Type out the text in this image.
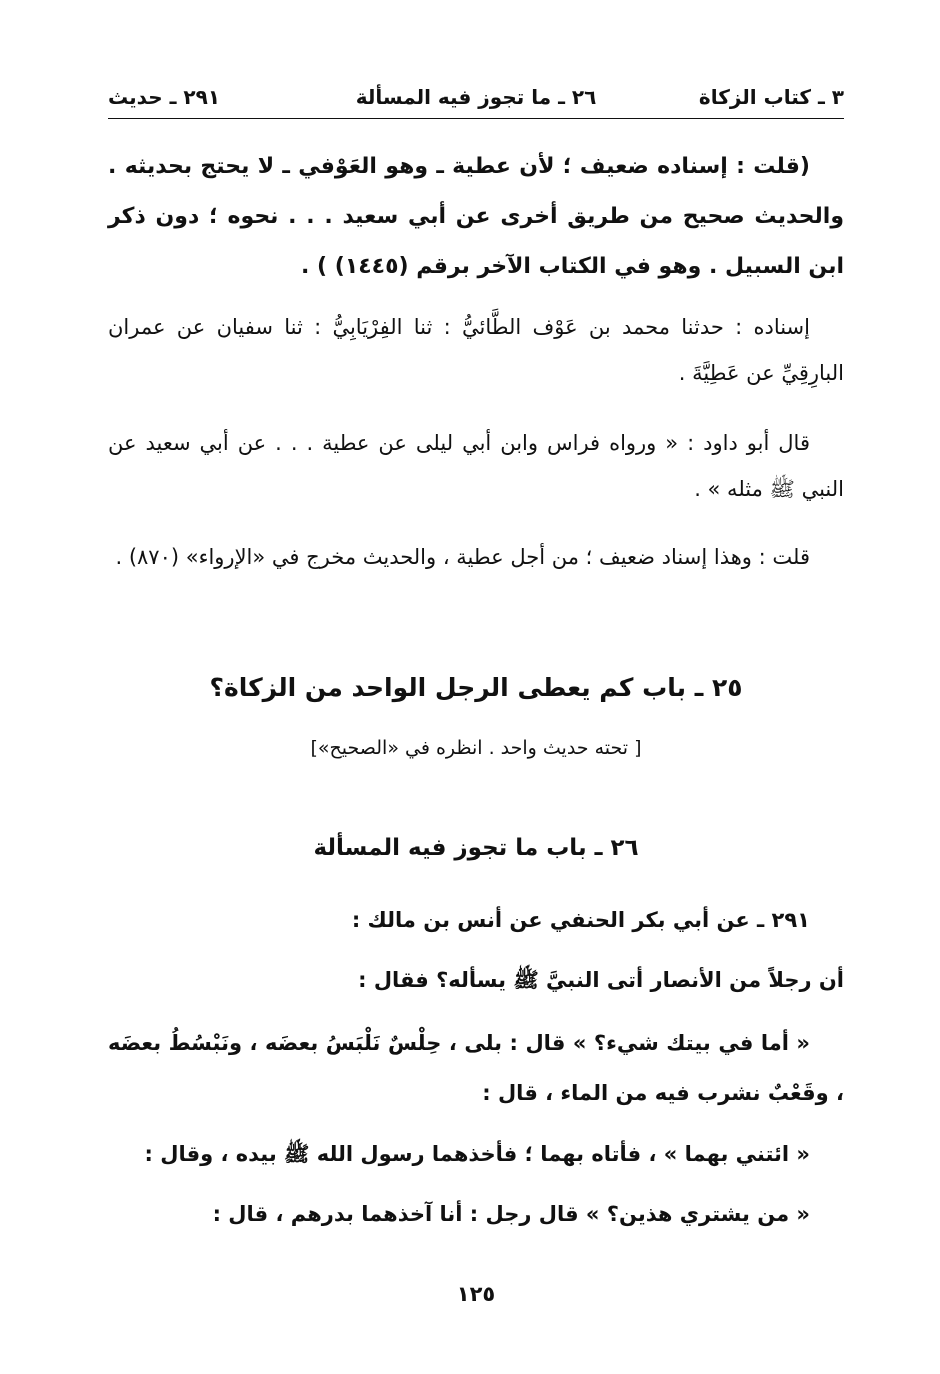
٣ ـ كتاب الزكاة
٢٦ ـ ما تجوز فيه المسألة
٢٩١ ـ حديث
(قلت : إسناده ضعيف ؛ لأن عطية ـ وهو العَوْفي ـ لا يحتج بحديثه . والحديث صحيح من طريق أخرى عن أبي سعيد . . . نحوه ؛ دون ذكر ابن السبيل . وهو في الكتاب الآخر برقم (١٤٤٥) ) .
إسناده : حدثنا محمد بن عَوْف الطَّائيُّ : ثنا الفِرْيَابِيُّ : ثنا سفيان عن عمران البارِقِيِّ عن عَطِيَّةَ .
قال أبو داود : « ورواه فراس وابن أبي ليلى عن عطية . . . عن أبي سعيد عن النبي ﷺ مثله » .
قلت : وهذا إسناد ضعيف ؛ من أجل عطية ، والحديث مخرج في «الإرواء» (٨٧٠) .
٢٥ ـ باب كم يعطى الرجل الواحد من الزكاة؟
[ تحته حديث واحد . انظره في «الصحيح»]
٢٦ ـ باب ما تجوز فيه المسألة
٢٩١ ـ عن أبي بكر الحنفي عن أنس بن مالك :
أن رجلاً من الأنصار أتى النبيَّ ﷺ يسأله؟ فقال :
« أما في بيتك شيء؟ » قال : بلى ، حِلْسٌ نَلْبَسُ بعضَه ، ونَبْسُطُ بعضَه ، وقَعْبٌ نشرب فيه من الماء ، قال :
« ائتني بهما » ، فأتاه بهما ؛ فأخذهما رسول الله ﷺ بيده ، وقال :
« من يشتري هذين؟ » قال رجل : أنا آخذهما بدرهم ، قال :
١٢٥
